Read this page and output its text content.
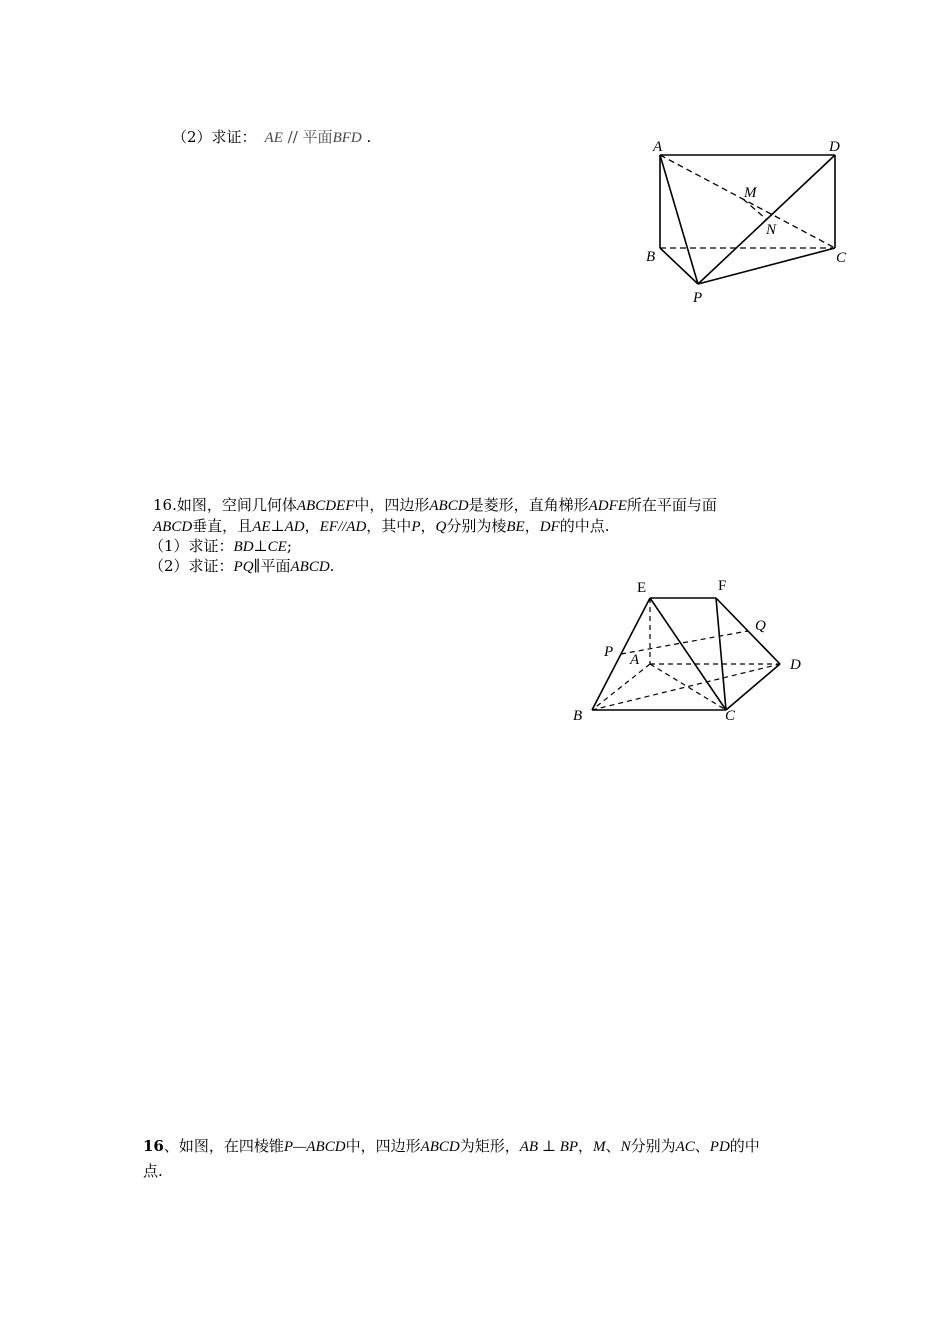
（2）求证： AE // 平面BFD .
A	D
M
N
B	C
P
16.如图，空间几何体ABCDEF中，四边形ABCD是菱形，直角梯形ADFE所在平面与面
ABCD垂直，且AE⊥AD，EF//AD，其中P，Q分别为棱BE，DF的中点.
（1）求证：BD⊥CE;
（2）求证：PQ∥平面ABCD.
E	F
Q
P A	D
B	C
16、如图，在四棱锥P—ABCD中，四边形ABCD为矩形，AB ⊥ BP，M、N分别为AC、PD的中
点.
